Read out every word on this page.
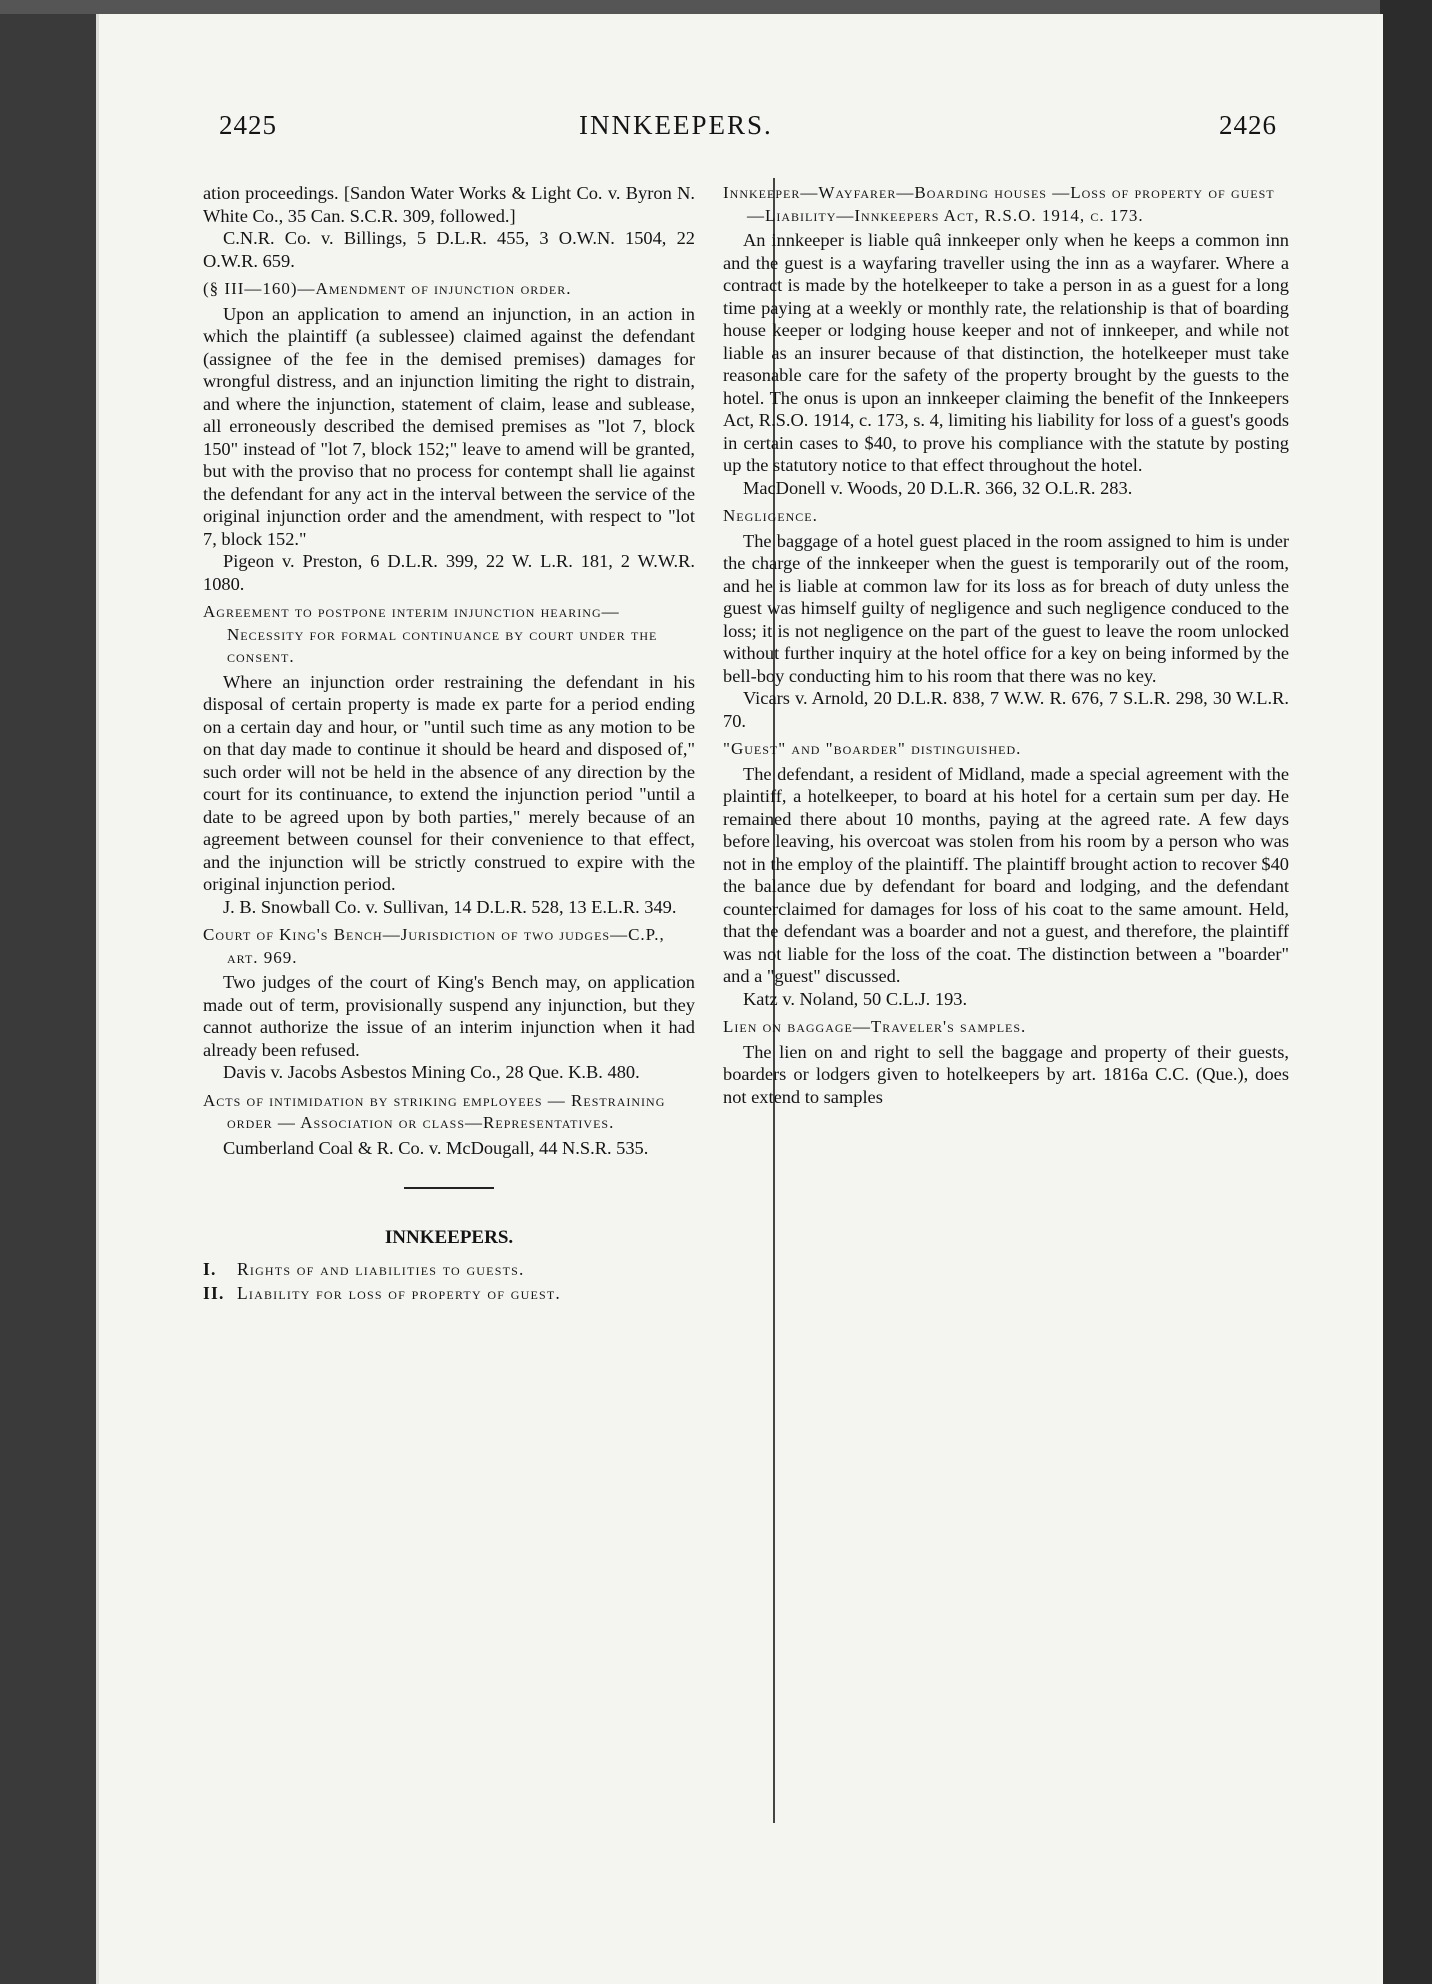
2425	INNKEEPERS.	2426

ation proceedings. [Sandon Water Works & Light Co. v. Byron N. White Co., 35 Can. S.C.R. 309, followed.]

C.N.R. Co. v. Billings, 5 D.L.R. 455, 3 O.W.N. 1504, 22 O.W.R. 659.

(§ III—160)—Amendment of injunction order.

Upon an application to amend an injunction, in an action in which the plaintiff (a sublessee) claimed against the defendant (assignee of the fee in the demised premises) damages for wrongful distress, and an injunction limiting the right to distrain, and where the injunction, statement of claim, lease and sublease, all erroneously described the demised premises as "lot 7, block 150" instead of "lot 7, block 152;" leave to amend will be granted, but with the proviso that no process for contempt shall lie against the defendant for any act in the interval between the service of the original injunction order and the amendment, with respect to "lot 7, block 152."

Pigeon v. Preston, 6 D.L.R. 399, 22 W. L.R. 181, 2 W.W.R. 1080.

Agreement to postpone interim injunction hearing—Necessity for formal continuance by court under the consent.

Where an injunction order restraining the defendant in his disposal of certain property is made ex parte for a period ending on a certain day and hour, or "until such time as any motion to be on that day made to continue it should be heard and disposed of," such order will not be held in the absence of any direction by the court for its continuance, to extend the injunction period "until a date to be agreed upon by both parties," merely because of an agreement between counsel for their convenience to that effect, and the injunction will be strictly construed to expire with the original injunction period.

J. B. Snowball Co. v. Sullivan, 14 D.L.R. 528, 13 E.L.R. 349.

Court of King's Bench—Jurisdiction of two judges—C.P., art. 969.

Two judges of the court of King's Bench may, on application made out of term, provisionally suspend any injunction, but they cannot authorize the issue of an interim injunction when it had already been refused.

Davis v. Jacobs Asbestos Mining Co., 28 Que. K.B. 480.

Acts of intimidation by striking employees — Restraining order — Association or class—Representatives.

Cumberland Coal & R. Co. v. McDougall, 44 N.S.R. 535.

INNKEEPERS.

I. Rights of and liabilities to guests.

II. Liability for loss of property of guest.

Innkeeper—Wayfarer—Boarding houses —Loss of property of guest—Liability—Innkeepers Act, R.S.O. 1914, c. 173.

An innkeeper is liable quâ innkeeper only when he keeps a common inn and the guest is a wayfaring traveller using the inn as a wayfarer. Where a contract is made by the hotelkeeper to take a person in as a guest for a long time paying at a weekly or monthly rate, the relationship is that of boarding house keeper or lodging house keeper and not of innkeeper, and while not liable as an insurer because of that distinction, the hotelkeeper must take reasonable care for the safety of the property brought by the guests to the hotel. The onus is upon an innkeeper claiming the benefit of the Innkeepers Act, R.S.O. 1914, c. 173, s. 4, limiting his liability for loss of a guest's goods in certain cases to $40, to prove his compliance with the statute by posting up the statutory notice to that effect throughout the hotel.

MacDonell v. Woods, 20 D.L.R. 366, 32 O.L.R. 283.

Negligence.

The baggage of a hotel guest placed in the room assigned to him is under the charge of the innkeeper when the guest is temporarily out of the room, and he is liable at common law for its loss as for breach of duty unless the guest was himself guilty of negligence and such negligence conduced to the loss; it is not negligence on the part of the guest to leave the room unlocked without further inquiry at the hotel office for a key on being informed by the bell-boy conducting him to his room that there was no key.

Vicars v. Arnold, 20 D.L.R. 838, 7 W.W. R. 676, 7 S.L.R. 298, 30 W.L.R. 70.

"Guest" and "boarder" distinguished.

The defendant, a resident of Midland, made a special agreement with the plaintiff, a hotelkeeper, to board at his hotel for a certain sum per day. He remained there about 10 months, paying at the agreed rate. A few days before leaving, his overcoat was stolen from his room by a person who was not in the employ of the plaintiff. The plaintiff brought action to recover $40 the balance due by defendant for board and lodging, and the defendant counterclaimed for damages for loss of his coat to the same amount. Held, that the defendant was a boarder and not a guest, and therefore, the plaintiff was not liable for the loss of the coat. The distinction between a "boarder" and a "guest" discussed.

Katz v. Noland, 50 C.L.J. 193.

Lien on baggage—Traveler's samples.

The lien on and right to sell the baggage and property of their guests, boarders or lodgers given to hotelkeepers by art. 1816a C.C. (Que.), does not extend to samples
